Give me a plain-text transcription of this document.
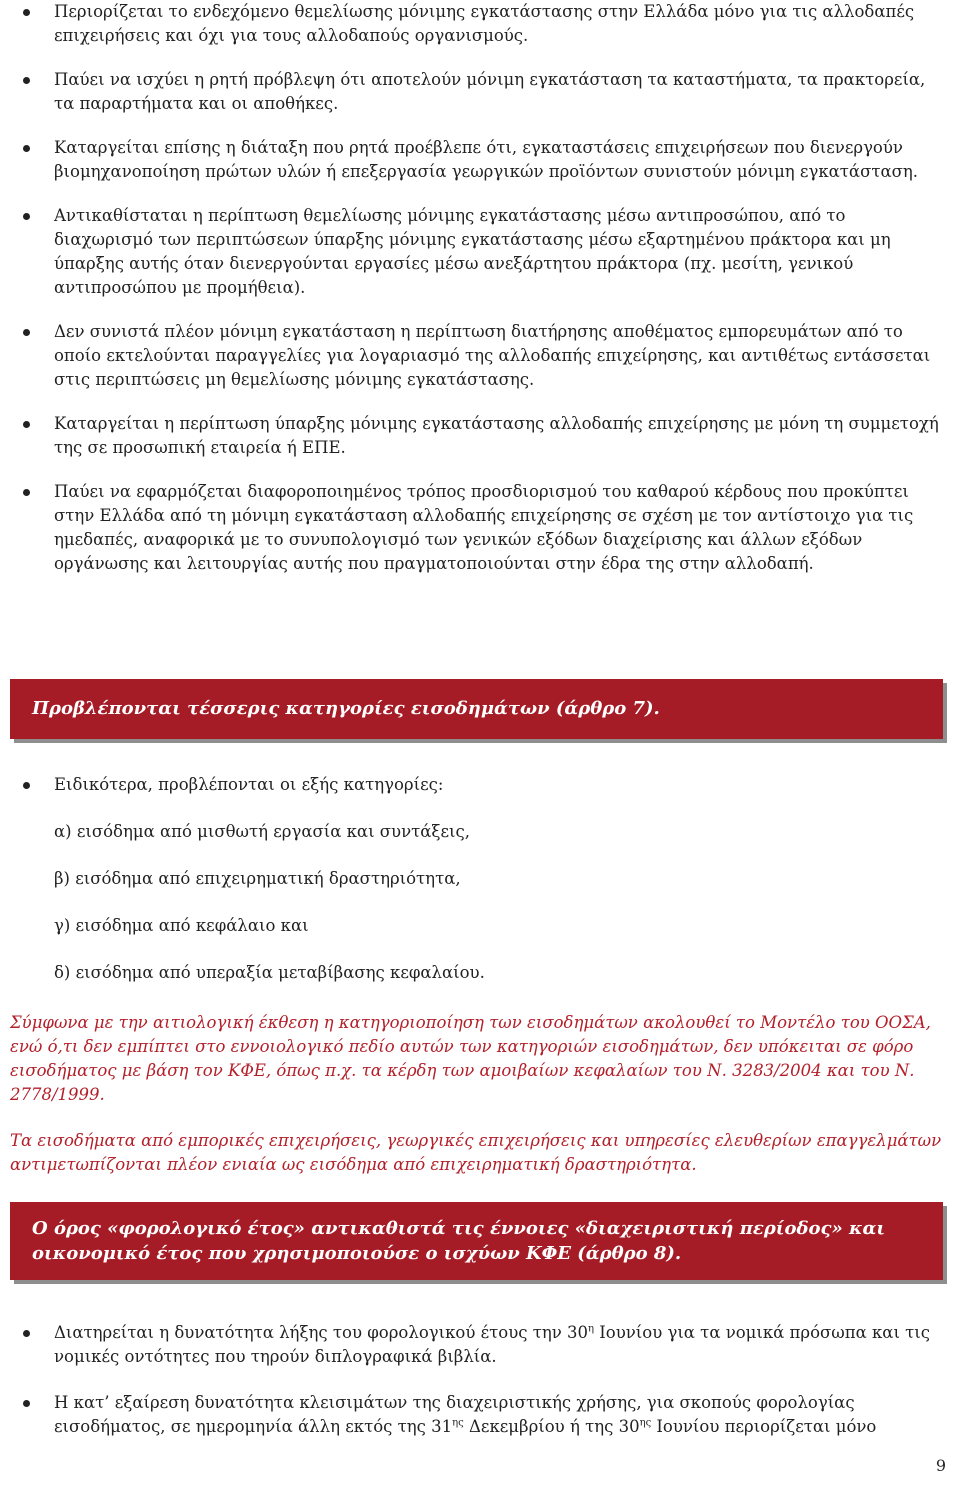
Περιορίζεται το ενδεχόμενο θεμελίωσης μόνιμης εγκατάστασης στην Ελλάδα μόνο για τις αλλοδαπές επιχειρήσεις και όχι για τους αλλοδαπούς οργανισμούς.
Παύει να ισχύει η ρητή πρόβλεψη ότι αποτελούν μόνιμη εγκατάσταση τα καταστήματα, τα πρακτορεία, τα παραρτήματα και οι αποθήκες.
Καταργείται επίσης η διάταξη που ρητά προέβλεπε ότι, εγκαταστάσεις επιχειρήσεων που διενεργούν βιομηχανοποίηση πρώτων υλών ή επεξεργασία γεωργικών προϊόντων συνιστούν μόνιμη εγκατάσταση.
Αντικαθίσταται η περίπτωση θεμελίωσης μόνιμης εγκατάστασης μέσω αντιπροσώπου, από το διαχωρισμό των περιπτώσεων ύπαρξης μόνιμης εγκατάστασης μέσω εξαρτημένου πράκτορα και μη ύπαρξης αυτής όταν διενεργούνται εργασίες μέσω ανεξάρτητου πράκτορα (πχ. μεσίτη, γενικού αντιπροσώπου με προμήθεια).
Δεν συνιστά πλέον μόνιμη εγκατάσταση η περίπτωση διατήρησης αποθέματος εμπορευμάτων από το οποίο εκτελούνται παραγγελίες για λογαριασμό της αλλοδαπής επιχείρησης, και αντιθέτως εντάσσεται στις περιπτώσεις μη θεμελίωσης μόνιμης εγκατάστασης.
Καταργείται η περίπτωση ύπαρξης μόνιμης εγκατάστασης αλλοδαπής επιχείρησης με μόνη τη συμμετοχή της σε προσωπική εταιρεία ή ΕΠΕ.
Παύει να εφαρμόζεται διαφοροποιημένος τρόπος προσδιορισμού του καθαρού κέρδους που προκύπτει στην Ελλάδα από τη μόνιμη εγκατάσταση αλλοδαπής επιχείρησης σε σχέση με τον αντίστοιχο για τις ημεδαπές, αναφορικά με το συνυπολογισμό των γενικών εξόδων διαχείρισης και άλλων εξόδων οργάνωσης και λειτουργίας αυτής που πραγματοποιούνται στην έδρα της στην αλλοδαπή.
Προβλέπονται τέσσερις κατηγορίες εισοδημάτων (άρθρο 7).
Ειδικότερα, προβλέπονται οι εξής κατηγορίες:
α) εισόδημα από μισθωτή εργασία και συντάξεις,
β) εισόδημα από επιχειρηματική δραστηριότητα,
γ) εισόδημα από κεφάλαιο και
δ) εισόδημα από υπεραξία μεταβίβασης κεφαλαίου.

Σύμφωνα με την αιτιολογική έκθεση η κατηγοριοποίηση των εισοδημάτων ακολουθεί το Μοντέλο του ΟΟΣΑ, ενώ ό,τι δεν εμπίπτει στο εννοιολογικό πεδίο αυτών των κατηγοριών εισοδημάτων, δεν υπόκειται σε φόρο εισοδήματος με βάση τον ΚΦΕ, όπως π.χ. τα κέρδη των αμοιβαίων κεφαλαίων του Ν. 3283/2004 και του Ν. 2778/1999.

Τα εισοδήματα από εμπορικές επιχειρήσεις, γεωργικές επιχειρήσεις και υπηρεσίες ελευθερίων επαγγελμάτων αντιμετωπίζονται πλέον ενιαία ως εισόδημα από επιχειρηματική δραστηριότητα.

Ο όρος «φορολογικό έτος» αντικαθιστά τις έννοιες «διαχειριστική περίοδος» και οικονομικό έτος που χρησιμοποιούσε ο ισχύων ΚΦΕ (άρθρο 8).
Διατηρείται η δυνατότητα λήξης του φορολογικού έτους την $30^\eta$ Ιουνίου για τα νομικά πρόσωπα και τις νομικές οντότητες που τηρούν διπλογραφικά βιβλία.
Η κατ’ εξαίρεση δυνατότητα κλεισιμάτων της διαχειριστικής χρήσης, για σκοπούς φορολογίας εισοδήματος, σε ημερομηνία άλλη εκτός της $31^{\eta\varsigma}$ Δεκεμβρίου ή της $30^{\eta\varsigma}$ Ιουνίου περιορίζεται μόνο
9
